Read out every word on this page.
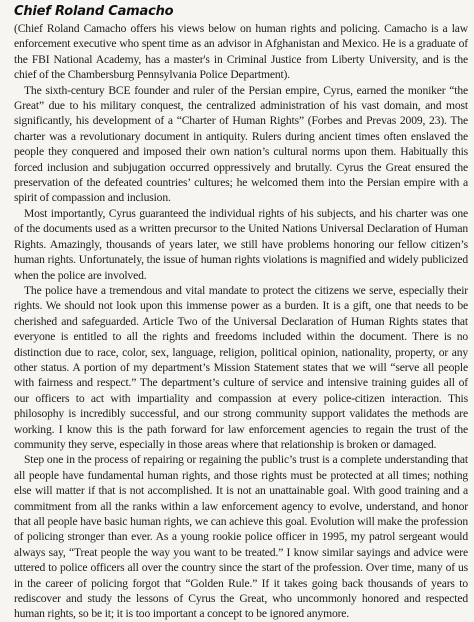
Chief Roland Camacho

(Chief Roland Camacho offers his views below on human rights and policing. Camacho is a law enforcement executive who spent time as an advisor in Afghanistan and Mexico. He is a graduate of the FBI National Academy, has a master's in Criminal Justice from Liberty University, and is the chief of the Chambersburg Pennsylvania Police Department).

The sixth-century BCE founder and ruler of the Persian empire, Cyrus, earned the moniker “the Great” due to his military conquest, the centralized administration of his vast domain, and most significantly, his development of a “Charter of Human Rights” (Forbes and Prevas 2009, 23). The charter was a revolutionary document in antiquity. Rulers during ancient times often enslaved the people they conquered and imposed their own nation’s cultural norms upon them. Habitually this forced inclusion and subjugation occurred oppressively and brutally. Cyrus the Great ensured the preservation of the defeated countries’ cultures; he welcomed them into the Persian empire with a spirit of compassion and inclusion.

Most importantly, Cyrus guaranteed the individual rights of his subjects, and his charter was one of the documents used as a written precursor to the United Nations Universal Declaration of Human Rights. Amazingly, thousands of years later, we still have problems honoring our fellow citizen’s human rights. Unfortunately, the issue of human rights violations is magnified and widely publicized when the police are involved.

The police have a tremendous and vital mandate to protect the citizens we serve, especially their rights. We should not look upon this immense power as a burden. It is a gift, one that needs to be cherished and safeguarded. Article Two of the Universal Declaration of Human Rights states that everyone is entitled to all the rights and freedoms included within the document. There is no distinction due to race, color, sex, language, religion, political opinion, nationality, property, or any other status. A portion of my department’s Mission Statement states that we will “serve all people with fairness and respect.” The department’s culture of service and intensive training guides all of our officers to act with impartiality and compassion at every police-citizen interaction. This philosophy is incredibly successful, and our strong community support validates the methods are working. I know this is the path forward for law enforcement agencies to regain the trust of the community they serve, especially in those areas where that relationship is broken or damaged.

Step one in the process of repairing or regaining the public’s trust is a complete understanding that all people have fundamental human rights, and those rights must be protected at all times; nothing else will matter if that is not accomplished. It is not an unattainable goal. With good training and a commitment from all the ranks within a law enforcement agency to evolve, understand, and honor that all people have basic human rights, we can achieve this goal. Evolution will make the profession of policing stronger than ever. As a young rookie police officer in 1995, my patrol sergeant would always say, “Treat people the way you want to be treated.” I know similar sayings and advice were uttered to police officers all over the country since the start of the profession. Over time, many of us in the career of policing forgot that “Golden Rule.” If it takes going back thousands of years to rediscover and study the lessons of Cyrus the Great, who uncommonly honored and respected human rights, so be it; it is too important a concept to be ignored anymore.
